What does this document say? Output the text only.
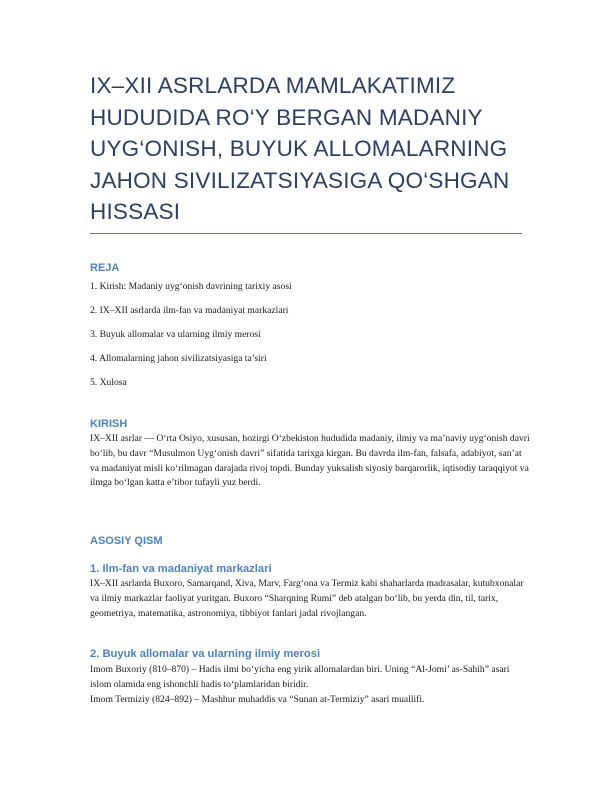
IX–XII ASRLARDA MAMLAKATIMIZ HUDUDIDA RO‘Y BERGAN MADANIY UYG‘ONISH, BUYUK ALLOMALARNING JAHON SIVILIZATSIYASIGA QO‘SHGAN HISSASI
REJA

1. Kirish: Madaniy uyg‘onish davrining tarixiy asosi

2. IX–XII asrlarda ilm-fan va madaniyat markazlari

3. Buyuk allomalar va ularning ilmiy merosi

4. Allomalarning jahon sivilizatsiyasiga ta’siri

5. Xulosa

KIRISH

IX–XII asrlar — O‘rta Osiyo, xususan, hozirgi O‘zbekiston hududida madaniy, ilmiy va ma’naviy uyg‘onish davri bo‘lib, bu davr “Musulmon Uyg‘onish davri” sifatida tarixga kirgan. Bu davrda ilm-fan, falsafa, adabiyot, san’at va madaniyat misli ko‘rilmagan darajada rivoj topdi. Bunday yuksalish siyosiy barqarorlik, iqtisodiy taraqqiyot va ilmga bo‘lgan katta e’tibor tufayli yuz berdi.

ASOSIY QISM
1. Ilm-fan va madaniyat markazlari

IX–XII asrlarda Buxoro, Samarqand, Xiva, Marv, Farg‘ona va Termiz kabi shaharlarda madrasalar, kutubxonalar va ilmiy markazlar faoliyat yuritgan. Buxoro “Sharqning Rumi” deb atalgan bo‘lib, bu yerda din, til, tarix, geometriya, matematika, astronomiya, tibbiyot fanlari jadal rivojlangan.

2. Buyuk allomalar va ularning ilmiy merosi

Imom Buxoriy (810–870) – Hadis ilmi bo‘yicha eng yirik allomalardan biri. Uning “Al-Jomi’ as-Sahih” asari islom olamida eng ishonchli hadis to‘plamlaridan biridir.

Imom Termiziy (824–892) – Mashhur muhaddis va “Sunan at-Termiziy” asari muallifi.
